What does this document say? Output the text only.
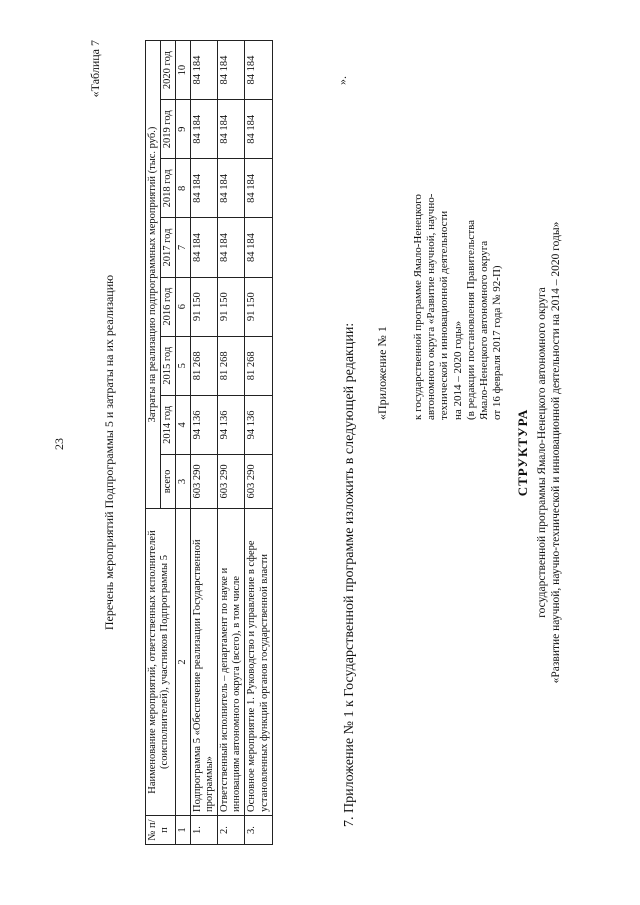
23
«Таблица 7
Перечень мероприятий Подпрограммы 5 и затраты на их реализацию
№ п/п	Наименование мероприятий, ответственных исполнителей (соисполнителей), участников Подпрограммы 5	Затраты на реализацию подпрограммных мероприятий (тыс. руб.)							
		всего	2014 год	2015 год	2016 год	2017 год	2018 год	2019 год	2020 год
1	2	3	4	5	6	7	8	9	10
1.	Подпрограмма 5 «Обеспечение реализации Государственной программы»	603 290	94 136	81 268	91 150	84 184	84 184	84 184	84 184
2.	Ответственный исполнитель – департамент по науке и инновациям автономного округа (всего), в том числе	603 290	94 136	81 268	91 150	84 184	84 184	84 184	84 184
3.	Основное мероприятие 1. Руководство и управление в сфере установленных функций органов государственной власти	603 290	94 136	81 268	91 150	84 184	84 184	84 184	84 184	».
7. Приложение № 1 к Государственной программе изложить в следующей редакции: «Приложение № 1 к государственной программе Ямало-Ненецкого автономного округа «Развитие научной, научно- технической и инновационной деятельности на 2014 – 2020 годы» (в редакции постановления Правительства Ямало-Ненецкого автономного округа от 16 февраля 2017 года № 92-П)
СТРУКТУРА государственной программы Ямало-Ненецкого автономного округа «Развитие научной, научно-технической и инновационной деятельности на 2014 – 2020 годы»
